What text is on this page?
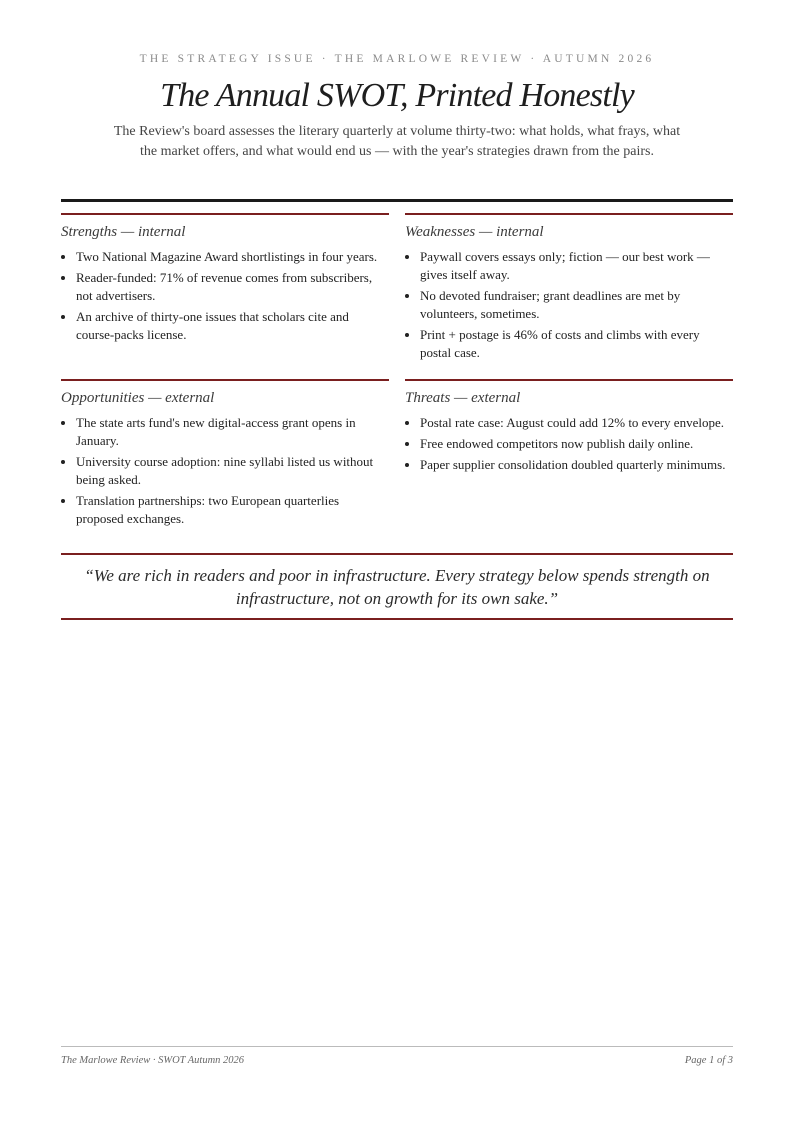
THE STRATEGY ISSUE · THE MARLOWE REVIEW · AUTUMN 2026
The Annual SWOT, Printed Honestly

The Review's board assesses the literary quarterly at volume thirty-two: what holds, what frays, what the market offers, and what would end us — with the year's strategies drawn from the pairs.

Strengths — internal
• Two National Magazine Award shortlistings in four years.
• Reader-funded: 71% of revenue comes from subscribers, not advertisers.
• An archive of thirty-one issues that scholars cite and course-packs license.
Weaknesses — internal
• Paywall covers essays only; fiction — our best work — gives itself away.
• No devoted fundraiser; grant deadlines are met by volunteers, sometimes.
• Print + postage is 46% of costs and climbs with every postal case.
Opportunities — external
• The state arts fund's new digital-access grant opens in January.
• University course adoption: nine syllabi listed us without being asked.
• Translation partnerships: two European quarterlies proposed exchanges.
Threats — external
• Postal rate case: August could add 12% to every envelope.
• Free endowed competitors now publish daily online.
• Paper supplier consolidation doubled quarterly minimums.

“We are rich in readers and poor in infrastructure. Every strategy below spends strength on infrastructure, not on growth for its own sake.”

The Marlowe Review · SWOT Autumn 2026	Page 1 of 3
